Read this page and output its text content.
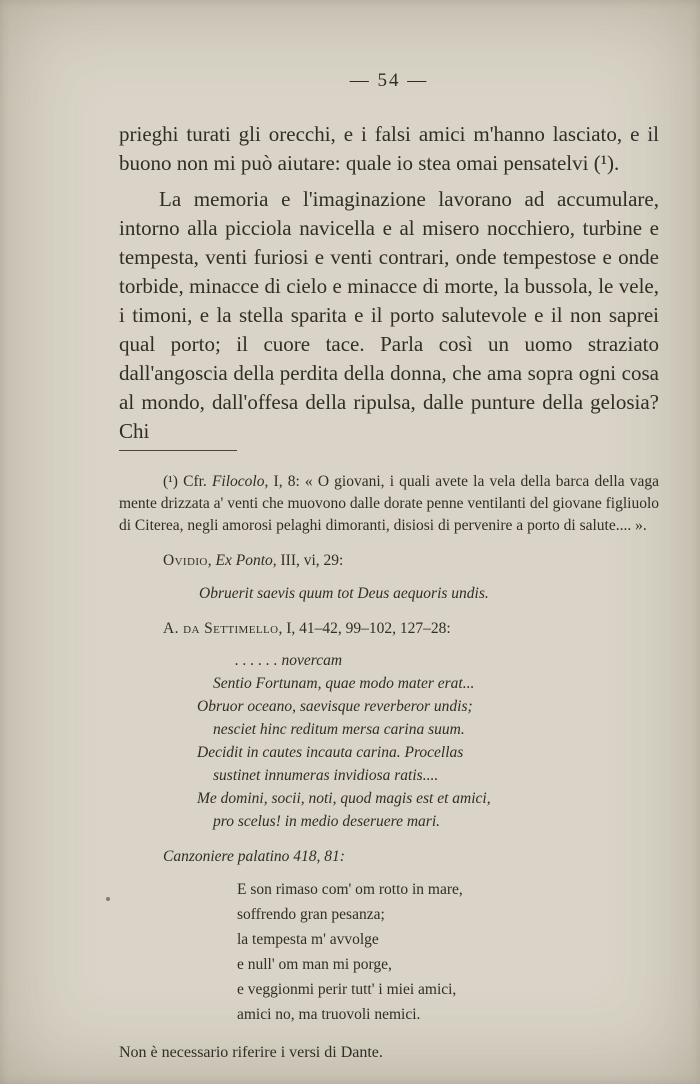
— 54 —

prieghi turati gli orecchi, e i falsi amici m'hanno lasciato, e il buono non mi può aiutare: quale io stea omai pensatelvi (¹).

La memoria e l'imaginazione lavorano ad accumulare, intorno alla picciola navicella e al misero nocchiero, turbine e tempesta, venti furiosi e venti contrari, onde tempestose e onde torbide, minacce di cielo e minacce di morte, la bussola, le vele, i timoni, e la stella sparita e il porto salutevole e il non saprei qual porto; il cuore tace. Parla così un uomo straziato dall'angoscia della perdita della donna, che ama sopra ogni cosa al mondo, dall'offesa della ripulsa, dalle punture della gelosia? Chi

(¹) Cfr. Filocolo, I, 8: « O giovani, i quali avete la vela della barca della vaga mente drizzata a' venti che muovono dalle dorate penne ventilanti del giovane figliuolo di Citerea, negli amorosi pelaghi dimoranti, disiosi di pervenire a porto di salute.... ».

Ovidio, Ex Ponto, III, vi, 29:

Obruerit saevis quum tot Deus aequoris undis.

A. da Settimello, I, 41–42, 99–102, 127–28:

. . . . . . novercam
Sentio Fortunam, quae modo mater erat...
Obruor oceano, saevisque reverberor undis;
nesciet hinc reditum mersa carina suum.
Decidit in cautes incauta carina. Procellas
sustinet innumeras invidiosa ratis....
Me domini, socii, noti, quod magis est et amici,
pro scelus! in medio deseruere mari.

Canzoniere palatino 418, 81:

E son rimaso com' om rotto in mare,
soffrendo gran pesanza;
la tempesta m' avvolge
e null' om man mi porge,
e veggionmi perir tutt' i miei amici,
amici no, ma truovoli nemici.

Non è necessario riferire i versi di Dante.
